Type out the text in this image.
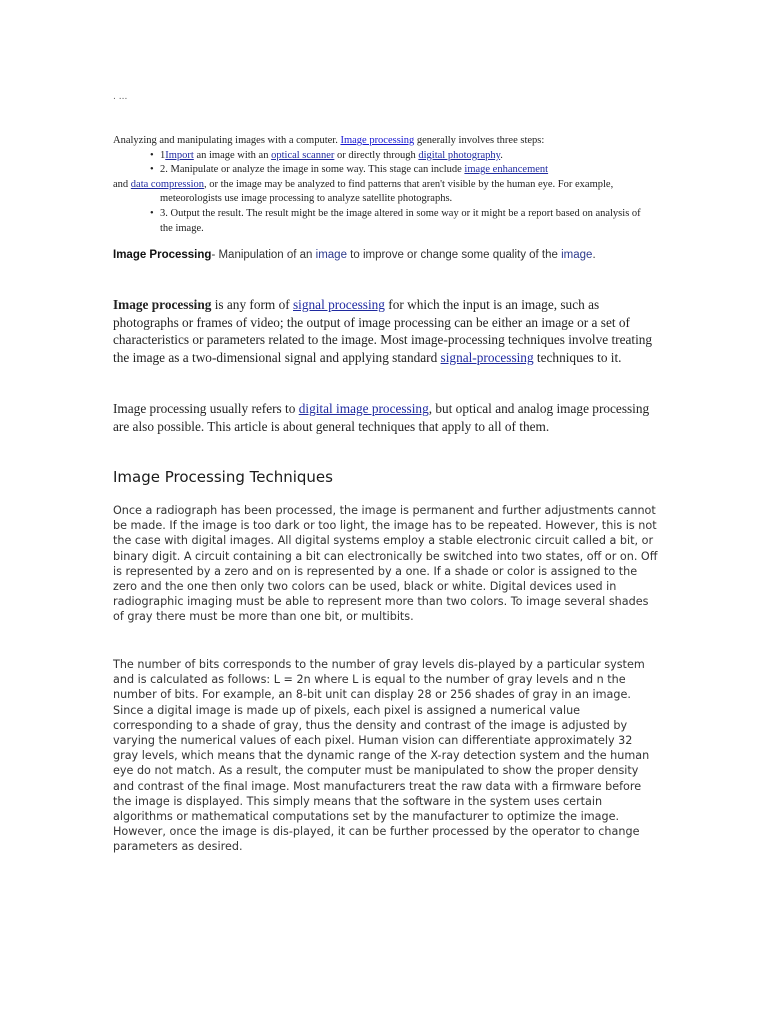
. ...

Analyzing and manipulating images with a computer. Image processing generally involves three steps:

• 1Import an image with an optical scanner or directly through digital photography.
• 2. Manipulate or analyze the image in some way. This stage can include image enhancement
and data compression, or the image may be analyzed to find patterns that aren't visible by the human eye. For example, meteorologists use image processing to analyze satellite photographs.
• 3. Output the result. The result might be the image altered in some way or it might be a report based on analysis of the image.
Image Processing- Manipulation of an image to improve or change some quality of the image.

Image processing is any form of signal processing for which the input is an image, such as photographs or frames of video; the output of image processing can be either an image or a set of characteristics or parameters related to the image. Most image-processing techniques involve treating the image as a two-dimensional signal and applying standard signal-processing techniques to it.

Image processing usually refers to digital image processing, but optical and analog image processing are also possible. This article is about general techniques that apply to all of them.

Image Processing Techniques

Once a radiograph has been processed, the image is permanent and further adjustments cannot be made. If the image is too dark or too light, the image has to be repeated. However, this is not the case with digital images. All digital systems employ a stable electronic circuit called a bit, or binary digit. A circuit containing a bit can electronically be switched into two states, off or on. Off is represented by a zero and on is represented by a one. If a shade or color is assigned to the zero and the one then only two colors can be used, black or white. Digital devices used in radiographic imaging must be able to represent more than two colors. To image several shades of gray there must be more than one bit, or multibits.

The number of bits corresponds to the number of gray levels dis-played by a particular system and is calculated as follows: L = 2n where L is equal to the number of gray levels and n the number of bits. For example, an 8-bit unit can display 28 or 256 shades of gray in an image. Since a digital image is made up of pixels, each pixel is assigned a numerical value corresponding to a shade of gray, thus the density and contrast of the image is adjusted by varying the numerical values of each pixel. Human vision can differentiate approximately 32 gray levels, which means that the dynamic range of the X-ray detection system and the human eye do not match. As a result, the computer must be manipulated to show the proper density and contrast of the final image. Most manufacturers treat the raw data with a firmware before the image is displayed. This simply means that the software in the system uses certain algorithms or mathematical computations set by the manufacturer to optimize the image. However, once the image is dis-played, it can be further processed by the operator to change parameters as desired.
